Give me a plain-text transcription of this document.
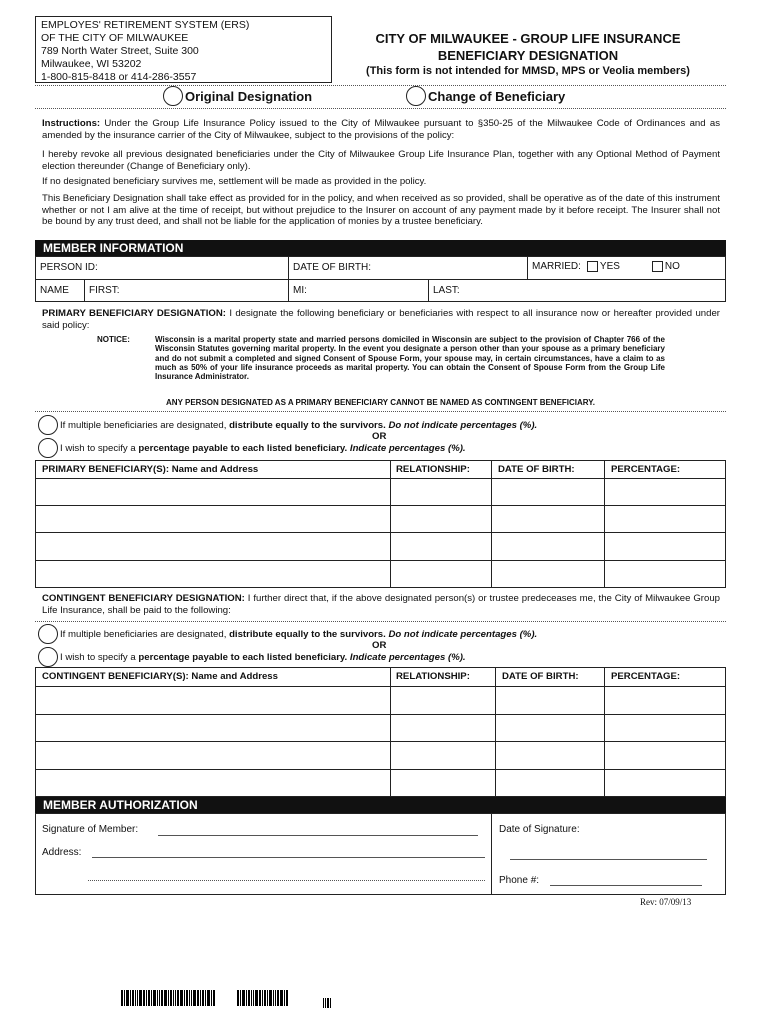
EMPLOYES' RETIREMENT SYSTEM (ERS)
OF THE CITY OF MILWAUKEE
789 North Water Street, Suite 300
Milwaukee, WI 53202
1-800-815-8418 or 414-286-3557
CITY OF MILWAUKEE - GROUP LIFE INSURANCE
BENEFICIARY DESIGNATION
(This form is not intended for MMSD, MPS or Veolia members)
Original Designation	Change of Beneficiary
Instructions: Under the Group Life Insurance Policy issued to the City of Milwaukee pursuant to §350-25 of the Milwaukee Code of Ordinances and as amended by the insurance carrier of the City of Milwaukee, subject to the provisions of the policy:
I hereby revoke all previous designated beneficiaries under the City of Milwaukee Group Life Insurance Plan, together with any Optional Method of Payment election thereunder (Change of Beneficiary only).
If no designated beneficiary survives me, settlement will be made as provided in the policy.
This Beneficiary Designation shall take effect as provided for in the policy, and when received as so provided, shall be operative as of the date of this instrument whether or not I am alive at the time of receipt, but without prejudice to the Insurer on account of any payment made by it before receipt. The Insurer shall not be bound by any trust deed, and shall not be liable for the application of monies by a trustee beneficiary.
MEMBER INFORMATION
PERSON ID:	DATE OF BIRTH:	MARRIED: YES	NO
NAME	FIRST:	MI:	LAST:
PRIMARY BENEFICIARY DESIGNATION: I designate the following beneficiary or beneficiaries with respect to all insurance now or hereafter provided under said policy:
NOTICE:	Wisconsin is a marital property state and married persons domiciled in Wisconsin are subject to the provision of Chapter 766 of the Wisconsin Statutes governing marital property. In the event you designate a person other than your spouse as a primary beneficiary and do not submit a completed and signed Consent of Spouse Form, your spouse may, in certain circumstances, have a claim to as much as 50% of your life insurance proceeds as marital property. You can obtain the Consent of Spouse Form from the Group Life Insurance Administrator.
ANY PERSON DESIGNATED AS A PRIMARY BENEFICIARY CANNOT BE NAMED AS CONTINGENT BENEFICIARY.
If multiple beneficiaries are designated, distribute equally to the survivors. Do not indicate percentages (%).
OR
I wish to specify a percentage payable to each listed beneficiary. Indicate percentages (%).
PRIMARY BENEFICIARY(S): Name and Address	RELATIONSHIP:	DATE OF BIRTH:	PERCENTAGE:
CONTINGENT BENEFICIARY DESIGNATION: I further direct that, if the above designated person(s) or trustee predeceases me, the City of Milwaukee Group Life Insurance, shall be paid to the following:
If multiple beneficiaries are designated, distribute equally to the survivors. Do not indicate percentages (%).
OR
I wish to specify a percentage payable to each listed beneficiary. Indicate percentages (%).
CONTINGENT BENEFICIARY(S): Name and Address	RELATIONSHIP:	DATE OF BIRTH:	PERCENTAGE:
MEMBER AUTHORIZATION
Signature of Member:	Date of Signature:
Address:
Phone #:
Rev: 07/09/13
